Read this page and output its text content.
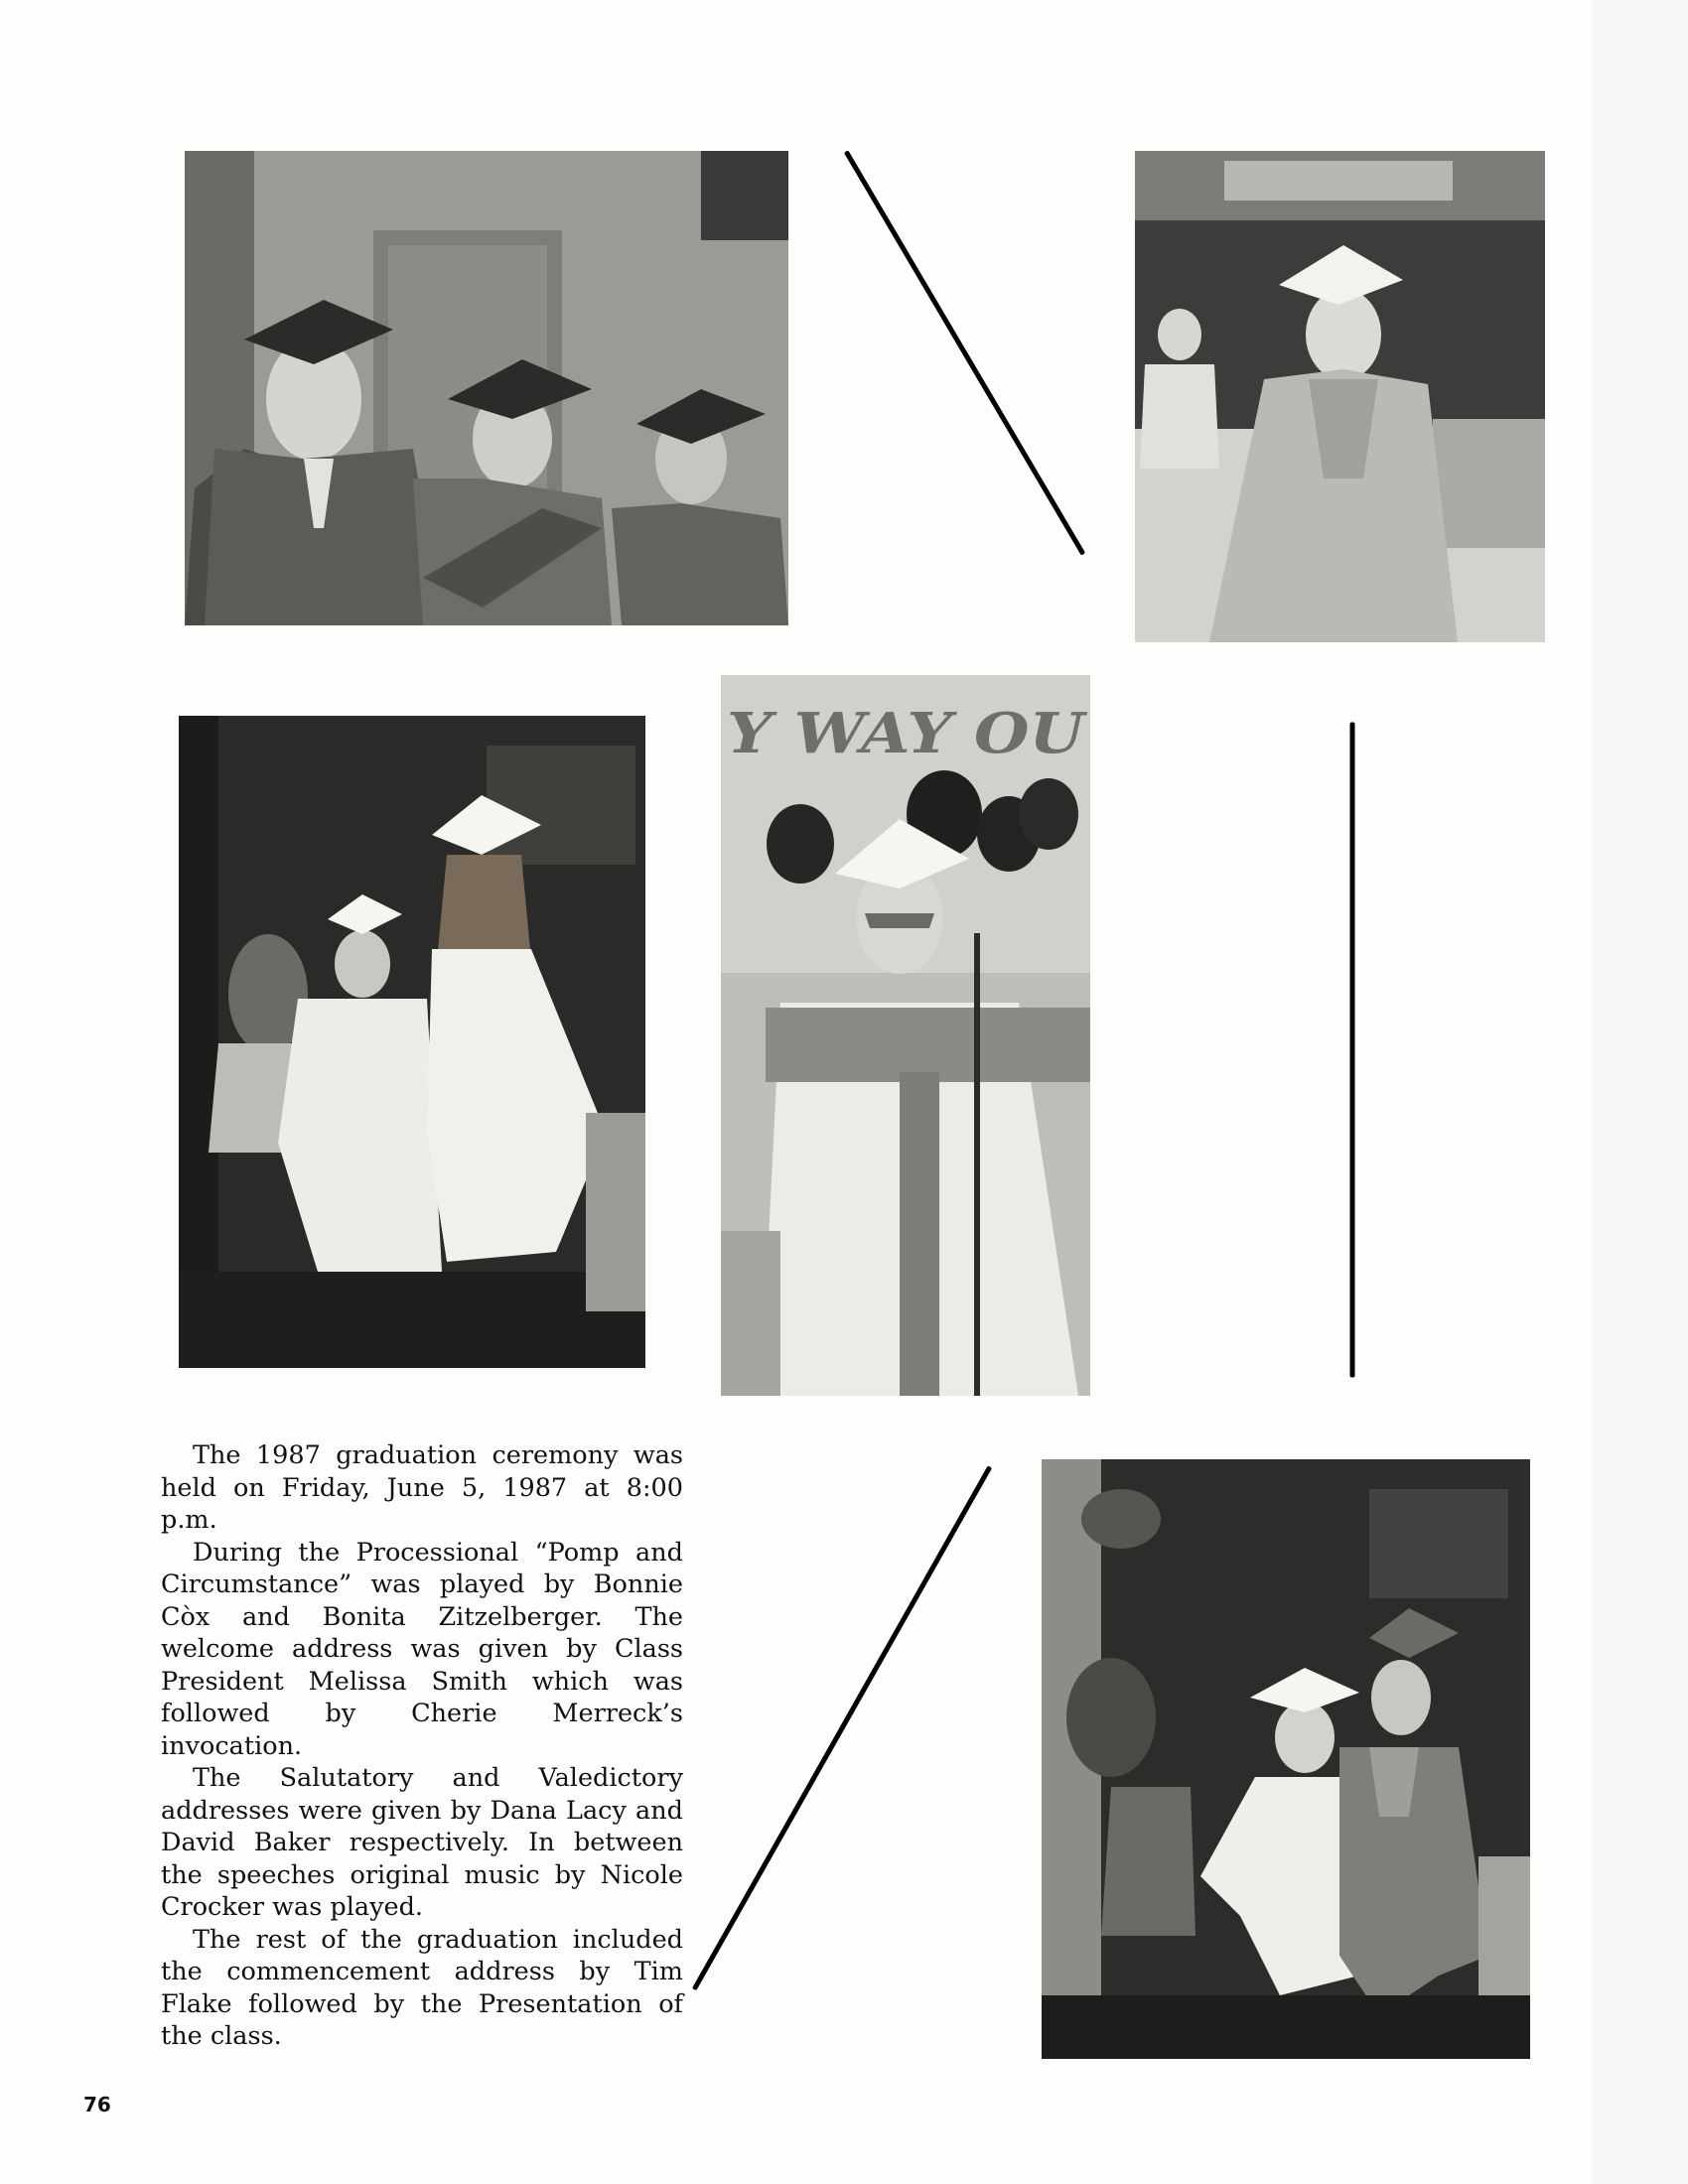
Y WAY OU

The 1987 graduation ceremony was held on Friday, June 5, 1987 at 8:00 p.m.

During the Processional “Pomp and Circumstance” was played by Bonnie Còx and Bonita Zitzelberger. The welcome address was given by Class President Melissa Smith which was followed by Cherie Merreck’s invocation.

The Salutatory and Valedictory addresses were given by Dana Lacy and David Baker respectively. In between the speeches original music by Nicole Crocker was played.

The rest of the graduation included the commencement address by Tim Flake followed by the Presentation of the class.

76
